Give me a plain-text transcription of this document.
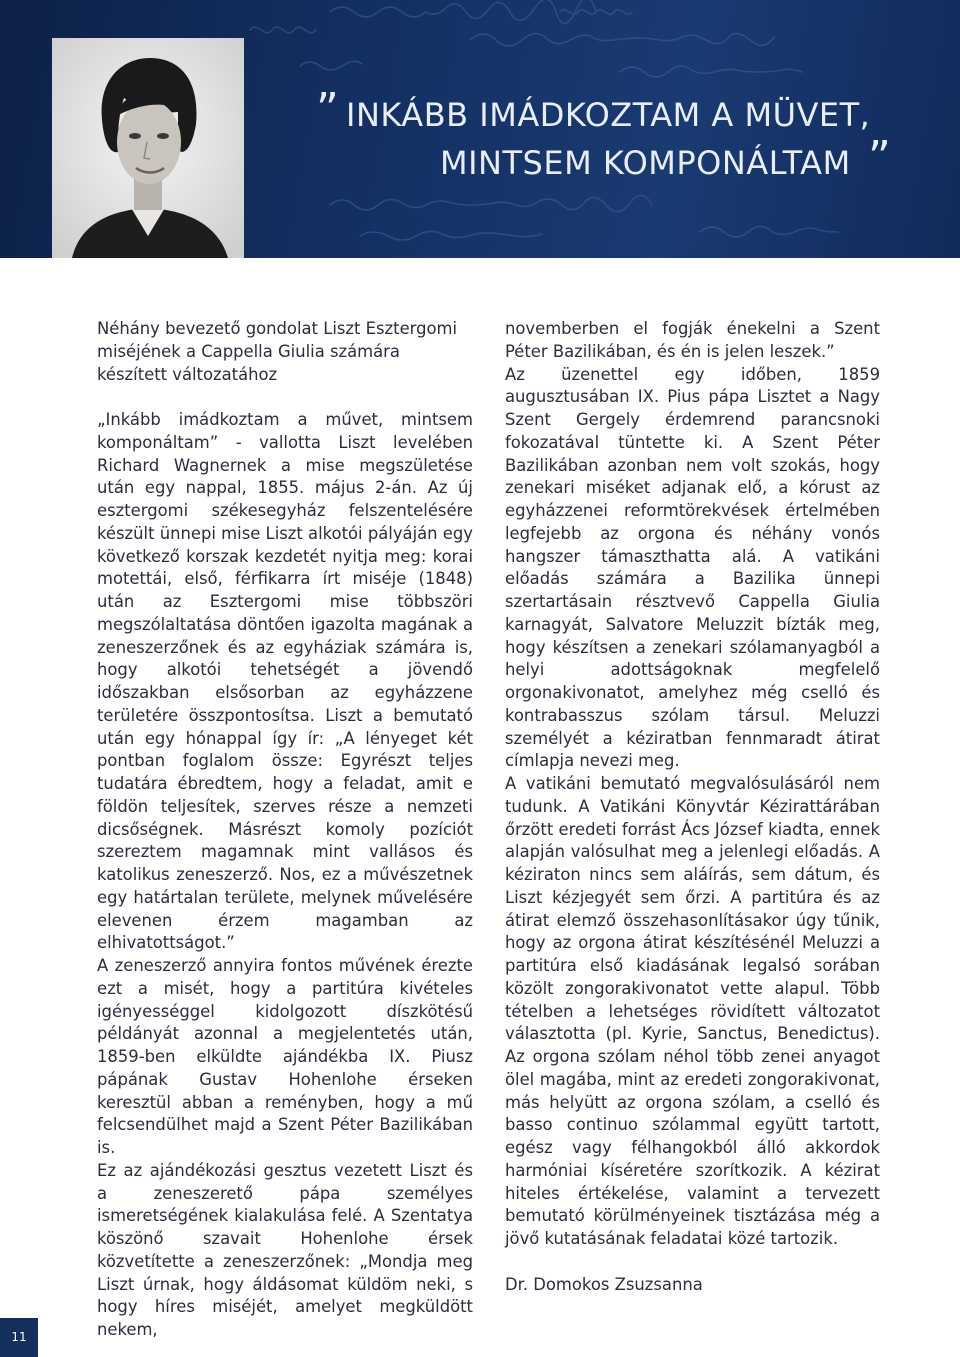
” INKÁBB IMÁDKOZTAM A MÜVET,
MINTSEM KOMPONÁLTAM ”

Néhány bevezető gondolat Liszt Esztergomi miséjének a Cappella Giulia számára készített változatához

„Inkább imádkoztam a művet, mintsem komponáltam” - vallotta Liszt levelében Richard Wagnernek a mise megszületése után egy nappal, 1855. május 2-án. Az új esztergomi székesegyház felszentelésére készült ünnepi mise Liszt alkotói pályáján egy következő korszak kezdetét nyitja meg: korai motettái, első, férfikarra írt miséje (1848) után az Esztergomi mise többszöri megszólaltatása döntően igazolta magának a zeneszerzőnek és az egyháziak számára is, hogy alkotói tehetségét a jövendő időszakban elsősorban az egyházzene területére összpontosítsa. Liszt a bemutató után egy hónappal így ír: „A lényeget két pontban foglalom össze: Egyrészt teljes tudatára ébredtem, hogy a feladat, amit e földön teljesítek, szerves része a nemzeti dicsőségnek. Másrészt komoly pozíciót szereztem magamnak mint vallásos és katolikus zeneszerző. Nos, ez a művészetnek egy határtalan területe, melynek művelésére elevenen érzem magamban az elhivatottságot.”

A zeneszerző annyira fontos művének érezte ezt a misét, hogy a partitúra kivételes igényességgel kidolgozott díszkötésű példányát azonnal a megjelentetés után, 1859-ben elküldte ajándékba IX. Piusz pápának Gustav Hohenlohe érseken keresztül abban a reményben, hogy a mű felcsendülhet majd a Szent Péter Bazilikában is.

Ez az ajándékozási gesztus vezetett Liszt és a zeneszerető pápa személyes ismeretségének kialakulása felé. A Szentatya köszönő szavait Hohenlohe érsek közvetítette a zeneszerzőnek: „Mondja meg Liszt úrnak, hogy áldásomat küldöm neki, s hogy híres miséjét, amelyet megküldött nekem,

novemberben el fogják énekelni a Szent Péter Bazilikában, és én is jelen leszek.”

Az üzenettel egy időben, 1859 augusztusában IX. Pius pápa Lisztet a Nagy Szent Gergely érdemrend parancsnoki fokozatával tüntette ki. A Szent Péter Bazilikában azonban nem volt szokás, hogy zenekari miséket adjanak elő, a kórust az egyházzenei reformtörekvések értelmében legfejebb az orgona és néhány vonós hangszer támaszthatta alá. A vatikáni előadás számára a Bazilika ünnepi szertartásain résztvevő Cappella Giulia karnagyát, Salvatore Meluzzit bízták meg, hogy készítsen a zenekari szólamanyagból a helyi adottságoknak megfelelő orgonakivonatot, amelyhez még cselló és kontrabasszus szólam társul. Meluzzi személyét a kéziratban fennmaradt átirat címlapja nevezi meg.

A vatikáni bemutató megvalósulásáról nem tudunk. A Vatikáni Könyvtár Kézirattárában őrzött eredeti forrást Ács József kiadta, ennek alapján valósulhat meg a jelenlegi előadás. A kéziraton nincs sem aláírás, sem dátum, és Liszt kézjegyét sem őrzi. A partitúra és az átirat elemző összehasonlításakor úgy tűnik, hogy az orgona átirat készítésénél Meluzzi a partitúra első kiadásának legalsó sorában közölt zongorakivonatot vette alapul. Több tételben a lehetséges rövidített változatot választotta (pl. Kyrie, Sanctus, Benedictus). Az orgona szólam néhol több zenei anyagot ölel magába, mint az eredeti zongorakivonat, más helyütt az orgona szólam, a cselló és basso continuo szólammal együtt tartott, egész vagy félhangokból álló akkordok harmóniai kíséretére szorítkozik. A kézirat hiteles értékelése, valamint a tervezett bemutató körülményeinek tisztázása még a jövő kutatásának feladatai közé tartozik.

Dr. Domokos Zsuzsanna

11
